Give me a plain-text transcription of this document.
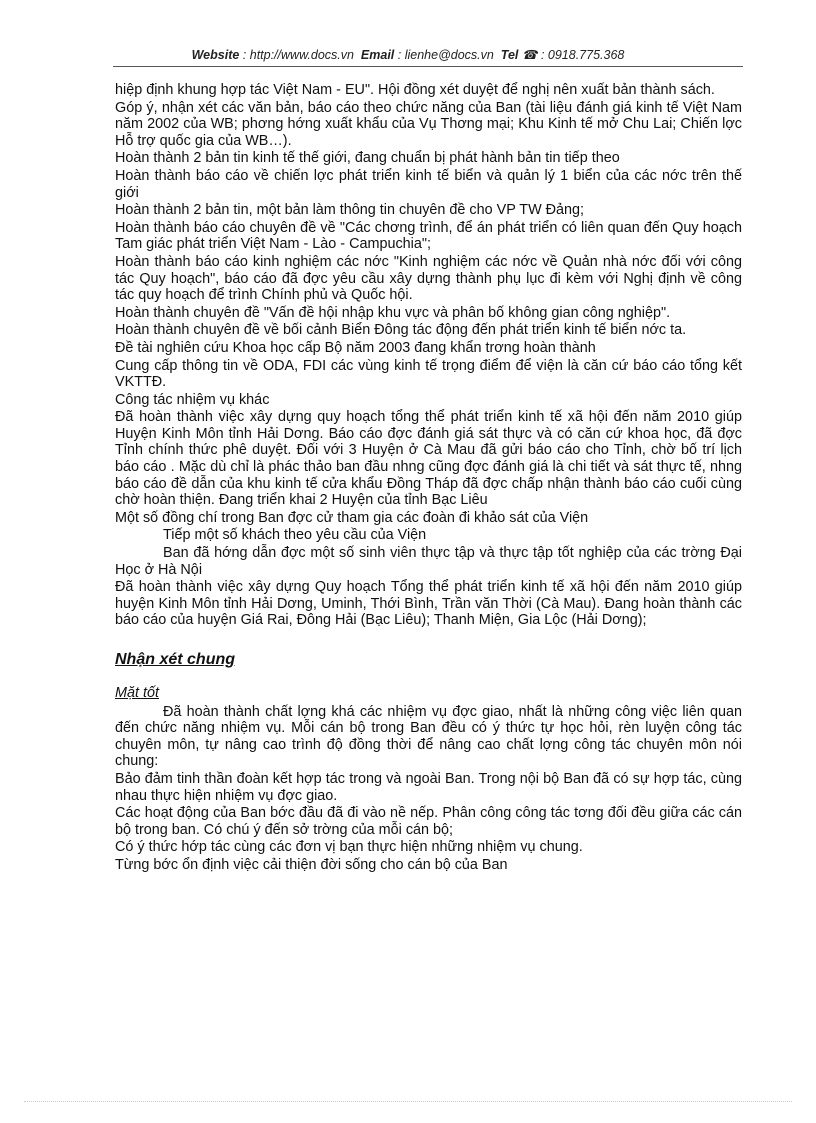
Website : http://www.docs.vn Email : lienhe@docs.vn Tel ☎ : 0918.775.368

hiệp định khung hợp tác Việt Nam - EU". Hội đồng xét duyệt để nghị nên xuất bản thành sách.

Góp ý, nhận xét các văn bản, báo cáo theo chức năng của Ban (tài liệu đánh giá kinh tế Việt Nam năm 2002 của WB; phơng hớng xuất khẩu của Vụ Thơng mại; Khu Kinh tế mở Chu Lai; Chiến lợc Hỗ trợ quốc gia của WB…).

Hoàn thành 2 bản tin kinh tế thế giới, đang chuẩn bị phát hành bản tin tiếp theo

Hoàn thành báo cáo về chiến lợc phát triển kinh tế biển và quản lý 1 biển của các nớc trên thế giới

Hoàn thành 2 bản tin, một bản làm thông tin chuyên đề cho VP TW Đảng;

Hoàn thành báo cáo chuyên đề về "Các chơng trình, để án phát triển có liên quan đến Quy hoạch Tam giác phát triển Việt Nam - Lào - Campuchia";

Hoàn thành báo cáo kinh nghiệm các nớc "Kinh nghiệm các nớc về Quản nhà nớc đối với công tác Quy hoạch", báo cáo đã đợc yêu cầu xây dựng thành phụ lục đi kèm với Nghị định về công tác quy hoạch để trình Chính phủ và Quốc hội.

Hoàn thành chuyên đề "Vấn đề hội nhập khu vực và phân bố không gian công nghiệp".

Hoàn thành chuyên đề về bối cảnh Biển Đông tác động đến phát triển kinh tế biển nớc ta.

Đề tài nghiên cứu Khoa học cấp Bộ năm 2003 đang khẩn trơng hoàn thành

Cung cấp thông tin về ODA, FDI các vùng kinh tế trọng điểm để viện là căn cứ báo cáo tổng kết VKTTĐ.

Công tác nhiệm vụ khác

Đã hoàn thành việc xây dựng quy hoạch tổng thể phát triển kinh tế xã hội đến năm 2010 giúp Huyện Kinh Môn tỉnh Hải Dơng. Báo cáo đợc đánh giá sát thực và có căn cứ khoa học, đã đợc Tỉnh chính thức phê duyệt. Đối với 3 Huyện ở Cà Mau đã gửi báo cáo cho Tỉnh, chờ bố trí lịch báo cáo . Mặc dù chỉ là phác thảo ban đầu nhng cũng đợc đánh giá là chi tiết và sát thực tế, nhng báo cáo đề dẫn của khu kinh tế cửa khẩu Đồng Tháp đã đợc chấp nhận thành báo cáo cuối cùng chờ hoàn thiện. Đang triển khai 2 Huyện của tỉnh Bạc Liêu

Một số đồng chí trong Ban đợc cử tham gia các đoàn đi khảo sát của Viện

Tiếp một số khách theo yêu cầu của Viện

Ban đã hớng dẫn đợc một số sinh viên thực tập và thực tập tốt nghiệp của các trờng Đại Học ở Hà Nội

Đã hoàn thành việc xây dựng Quy hoạch Tổng thể phát triển kinh tế xã hội đến năm 2010 giúp huyện Kinh Môn tỉnh Hải Dơng, Uminh, Thới Bình, Trần văn Thời (Cà Mau). Đang hoàn thành các báo cáo của huyện Giá Rai, Đông Hải (Bạc Liêu); Thanh Miện, Gia Lộc (Hải Dơng);

Nhận xét chung
Mặt tốt

Đã hoàn thành chất lợng khá các nhiệm vụ đợc giao, nhất là những công việc liên quan đến chức năng nhiệm vụ. Mỗi cán bộ trong Ban đều có ý thức tự học hỏi, rèn luyện công tác chuyên môn, tự nâng cao trình độ đồng thời để nâng cao chất lợng công tác chuyên môn nói chung:

Bảo đảm tinh thần đoàn kết hợp tác trong và ngoài Ban. Trong nội bộ Ban đã có sự hợp tác, cùng nhau thực hiện nhiệm vụ đợc giao.

Các hoạt động của Ban bớc đầu đã đi vào nề nếp. Phân công công tác tơng đối đều giữa các cán bộ trong ban. Có chú ý đến sở trờng của mỗi cán bộ;

Có ý thức hớp tác cùng các đơn vị bạn thực hiện những nhiệm vụ chung.

Từng bớc ổn định việc cải thiện đời sống cho cán bộ của Ban
